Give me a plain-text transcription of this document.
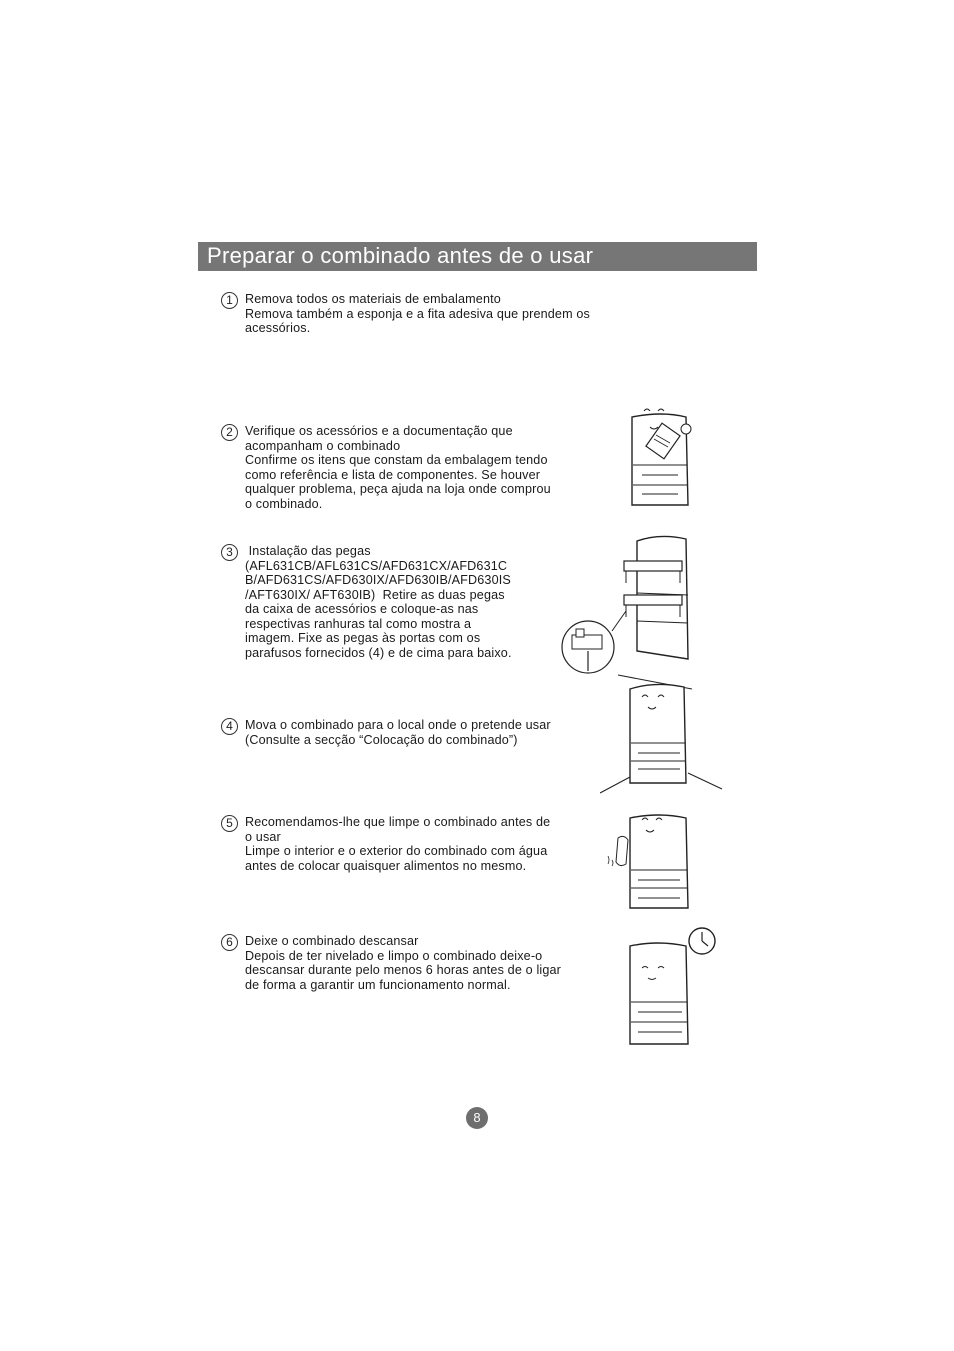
Preparar o combinado antes de o usar
1 Remova todos os materiais de embalamento
Remova também a esponja e a fita adesiva que prendem os
acessórios.
2 Verifique os acessórios e a documentação que
acompanham o combinado
Confirme os itens que constam da embalagem tendo
como referência e lista de componentes. Se houver
qualquer problema, peça ajuda na loja onde comprou
o combinado.
3	Instalação das pegas
(AFL631CB/AFL631CS/AFD631CX/AFD631C
B/AFD631CS/AFD630IX/AFD630IB/AFD630IS
/AFT630IX/ AFT630IB)  Retire as duas pegas
da caixa de acessórios e coloque-as nas
respectivas ranhuras tal como mostra a
imagem. Fixe as pegas às portas com os
parafusos fornecidos (4) e de cima para baixo.
4 Mova o combinado para o local onde o pretende usar
(Consulte a secção “Colocação do combinado”)
5 Recomendamos-lhe que limpe o combinado antes de
o usar
Limpe o interior e o exterior do combinado com água
antes de colocar quaisquer alimentos no mesmo.
6 Deixe o combinado descansar
Depois de ter nivelado e limpo o combinado deixe-o
descansar durante pelo menos 6 horas antes de o ligar
de forma a garantir um funcionamento normal.
8
